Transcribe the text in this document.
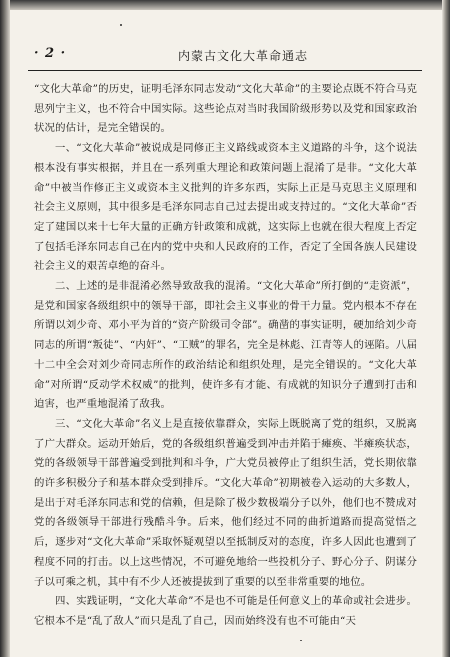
· 2 ·	内蒙古文化大革命通志

“文化大革命”的历史，证明毛泽东同志发动“文化大革命”的主要论点既不符合马克思列宁主义，也不符合中国实际。这些论点对当时我国阶级形势以及党和国家政治状况的估计，是完全错误的。

一、“文化大革命”被说成是同修正主义路线或资本主义道路的斗争，这个说法根本没有事实根据，并且在一系列重大理论和政策问题上混淆了是非。“文化大革命”中被当作修正主义或资本主义批判的许多东西，实际上正是马克思主义原理和社会主义原则，其中很多是毛泽东同志自己过去提出或支持过的。“文化大革命”否定了建国以来十七年大量的正确方针政策和成就，这实际上也就在很大程度上否定了包括毛泽东同志自己在内的党中央和人民政府的工作，否定了全国各族人民建设社会主义的艰苦卓绝的奋斗。

二、上述的是非混淆必然导致敌我的混淆。“文化大革命”所打倒的“走资派”，是党和国家各级组织中的领导干部，即社会主义事业的骨干力量。党内根本不存在所谓以刘少奇、邓小平为首的“资产阶级司令部”。确凿的事实证明，硬加给刘少奇同志的所谓“叛徒”、“内奸”、“工贼”的罪名，完全是林彪、江青等人的诬陷。八届十二中全会对刘少奇同志所作的政治结论和组织处理，是完全错误的。“文化大革命”对所谓“反动学术权威”的批判，使许多有才能、有成就的知识分子遭到打击和迫害，也严重地混淆了敌我。

三、“文化大革命”名义上是直接依靠群众，实际上既脱离了党的组织，又脱离了广大群众。运动开始后，党的各级组织普遍受到冲击并陷于瘫痪、半瘫痪状态，党的各级领导干部普遍受到批判和斗争，广大党员被停止了组织生活，党长期依靠的许多积极分子和基本群众受到排斥。“文化大革命”初期被卷入运动的大多数人，是出于对毛泽东同志和党的信赖，但是除了极少数极端分子以外，他们也不赞成对党的各级领导干部进行残酷斗争。后来，他们经过不同的曲折道路而提高觉悟之后，逐步对“文化大革命”采取怀疑观望以至抵制反对的态度，许多人因此也遭到了程度不同的打击。以上这些情况，不可避免地给一些投机分子、野心分子、阴谋分子以可乘之机，其中有不少人还被提拔到了重要的以至非常重要的地位。

四、实践证明，“文化大革命”不是也不可能是任何意义上的革命或社会进步。它根本不是“乱了敌人”而只是乱了自己，因而始终没有也不可能由“天
